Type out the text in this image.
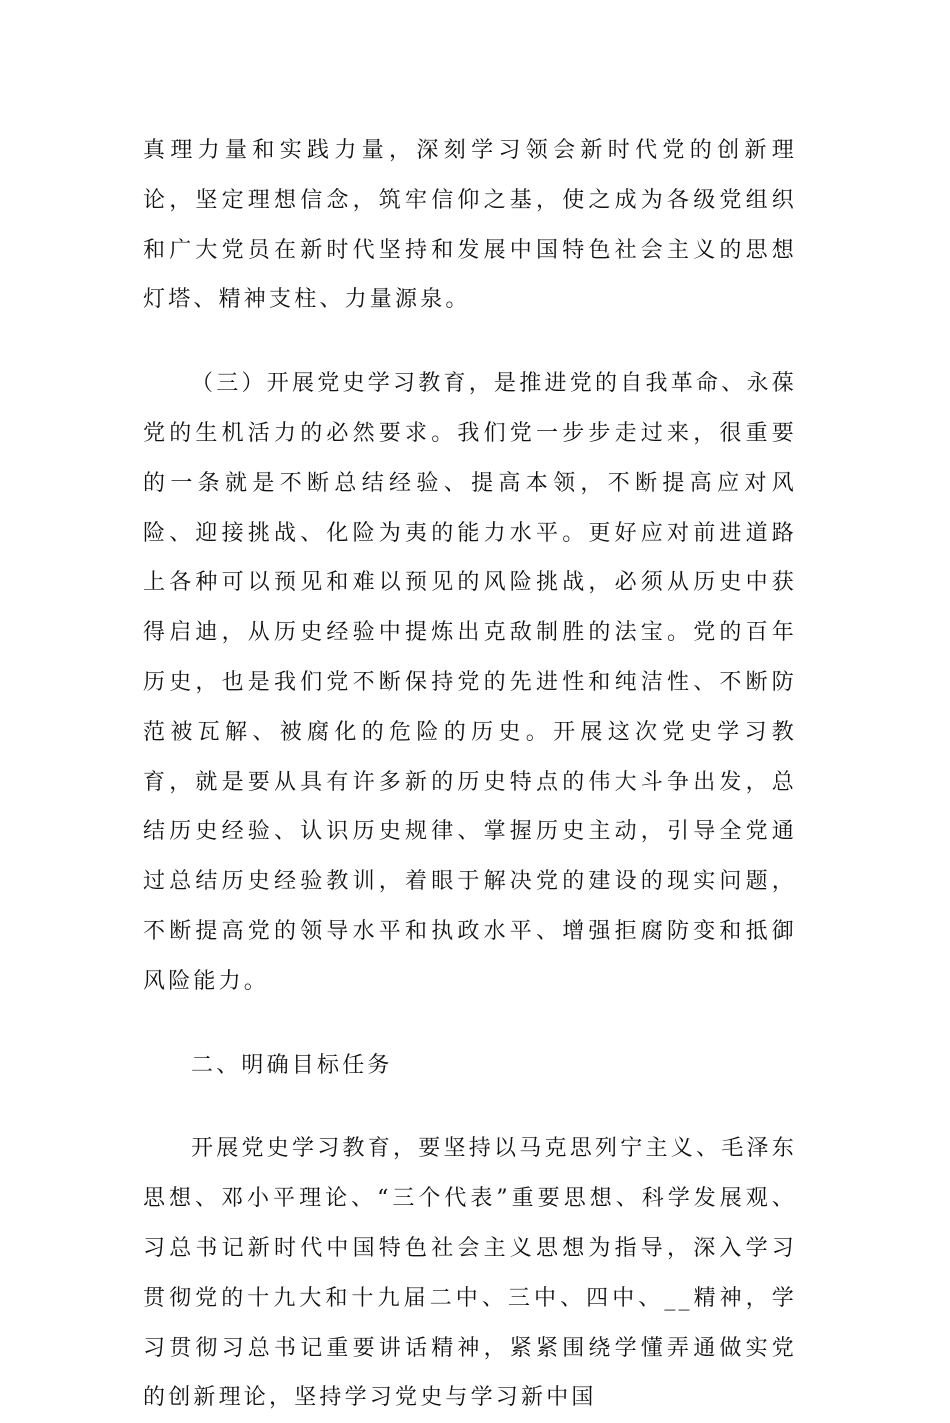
真理力量和实践力量，深刻学习领会新时代党的创新理论，坚定理想信念，筑牢信仰之基，使之成为各级党组织和广大党员在新时代坚持和发展中国特色社会主义的思想灯塔、精神支柱、力量源泉。

（三）开展党史学习教育，是推进党的自我革命、永葆党的生机活力的必然要求。我们党一步步走过来，很重要的一条就是不断总结经验、提高本领，不断提高应对风险、迎接挑战、化险为夷的能力水平。更好应对前进道路上各种可以预见和难以预见的风险挑战，必须从历史中获得启迪，从历史经验中提炼出克敌制胜的法宝。党的百年历史，也是我们党不断保持党的先进性和纯洁性、不断防范被瓦解、被腐化的危险的历史。开展这次党史学习教育，就是要从具有许多新的历史特点的伟大斗争出发，总结历史经验、认识历史规律、掌握历史主动，引导全党通过总结历史经验教训，着眼于解决党的建设的现实问题，不断提高党的领导水平和执政水平、增强拒腐防变和抵御风险能力。

二、明确目标任务

开展党史学习教育，要坚持以马克思列宁主义、毛泽东思想、邓小平理论、“三个代表”重要思想、科学发展观、习总书记新时代中国特色社会主义思想为指导，深入学习贯彻党的十九大和十九届二中、三中、四中、__精神，学习贯彻习总书记重要讲话精神，紧紧围绕学懂弄通做实党的创新理论，坚持学习党史与学习新中国
